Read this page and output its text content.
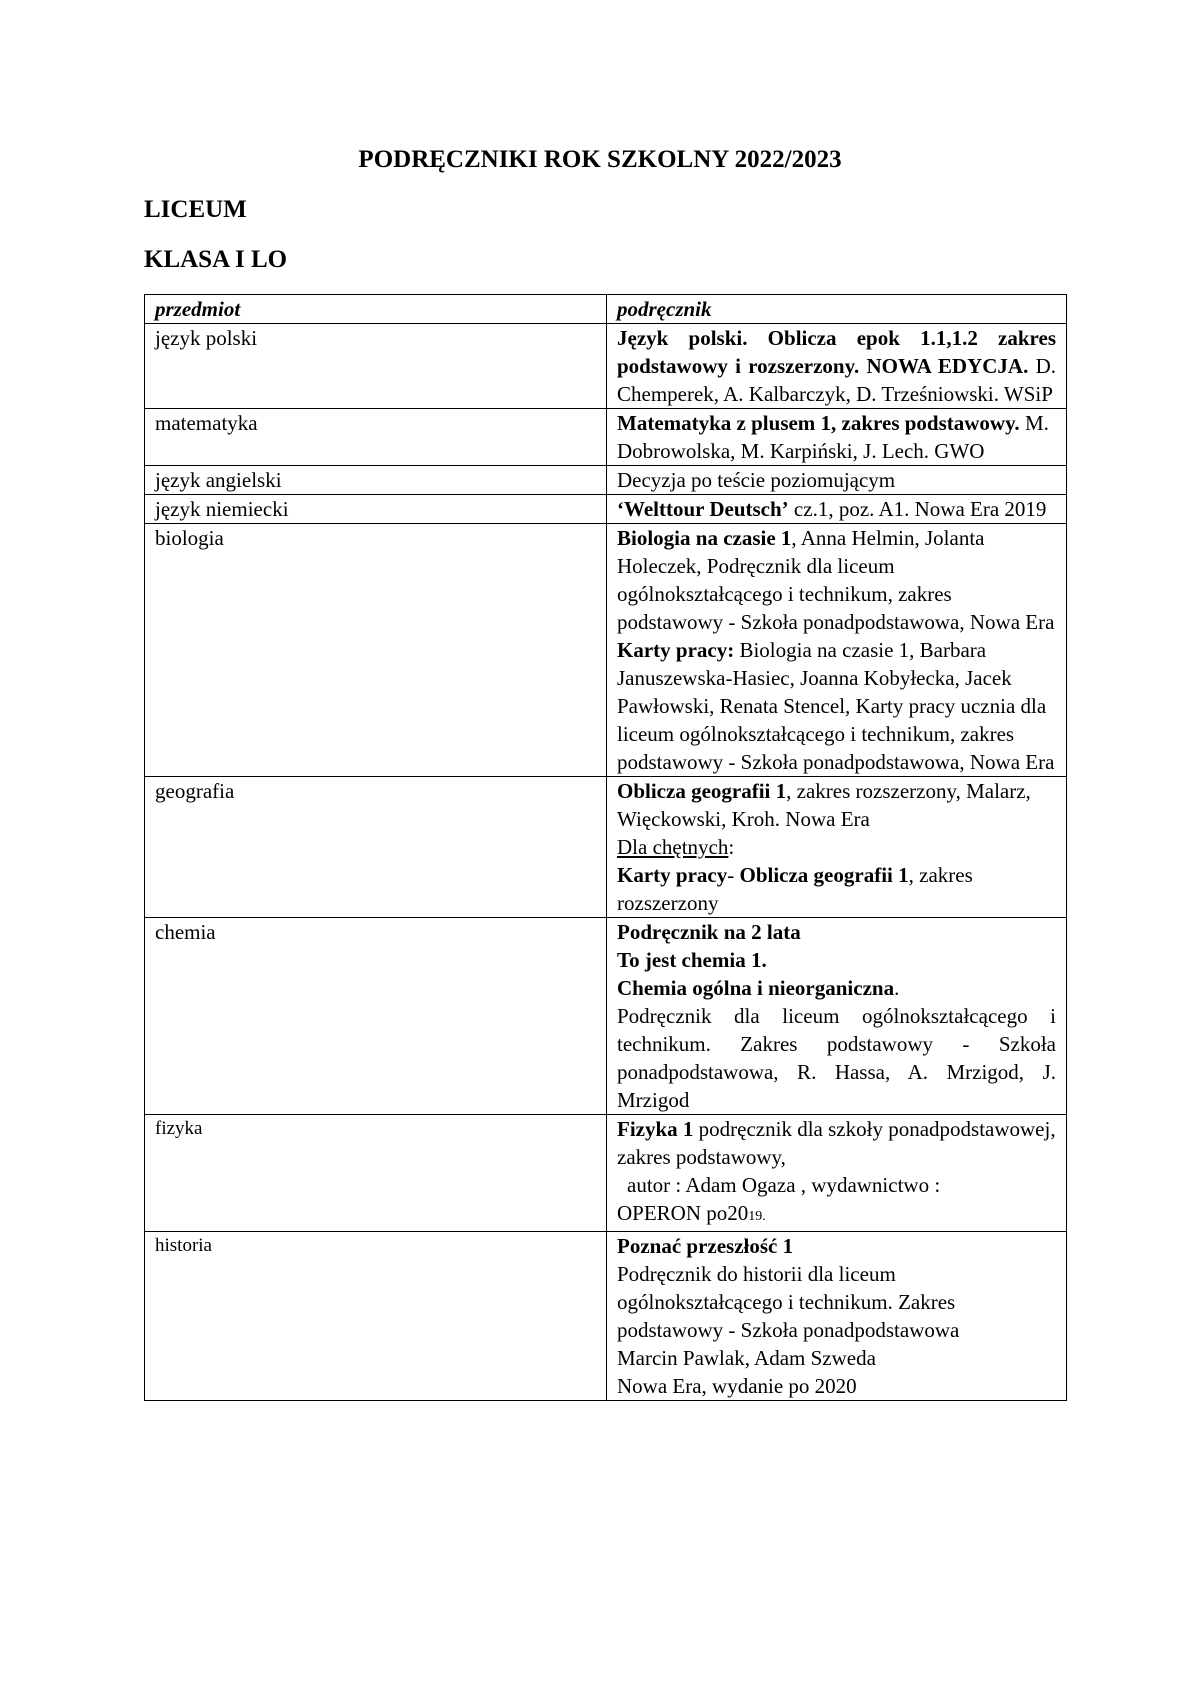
PODRĘCZNIKI ROK SZKOLNY 2022/2023
LICEUM
KLASA I LO
przedmiot	podręcznik
język polski	Język polski. Oblicza epok 1.1,1.2 zakres podstawowy i rozszerzony. NOWA EDYCJA. D. Chemperek, A. Kalbarczyk, D. Trześniowski. WSiP
matematyka	Matematyka z plusem 1, zakres podstawowy. M. Dobrowolska, M. Karpiński, J. Lech. GWO
język angielski	Decyzja po teście poziomującym
język niemiecki	‘Welttour Deutsch’ cz.1, poz. A1. Nowa Era 2019
biologia	Biologia na czasie 1, Anna Helmin, Jolanta Holeczek, Podręcznik dla liceum ogólnokształcącego i technikum, zakres podstawowy - Szkoła ponadpodstawowa, Nowa Era
Karty pracy: Biologia na czasie 1, Barbara Januszewska-Hasiec, Joanna Kobyłecka, Jacek Pawłowski, Renata Stencel, Karty pracy ucznia dla liceum ogólnokształcącego i technikum, zakres podstawowy - Szkoła ponadpodstawowa, Nowa Era
geografia	Oblicza geografii 1, zakres rozszerzony, Malarz, Więckowski, Kroh. Nowa Era
Dla chętnych:
Karty pracy- Oblicza geografii 1, zakres rozszerzony
chemia	Podręcznik na 2 lata
To jest chemia 1.
Chemia ogólna i nieorganiczna.
Podręcznik dla liceum ogólnokształcącego i technikum. Zakres podstawowy - Szkoła ponadpodstawowa, R. Hassa, A. Mrzigod, J. Mrzigod
fizyka	Fizyka 1 podręcznik dla szkoły ponadpodstawowej, zakres podstawowy,
autor : Adam Ogaza , wydawnictwo :
OPERON po2019.
historia	Poznać przeszłość 1
Podręcznik do historii dla liceum ogólnokształcącego i technikum. Zakres podstawowy - Szkoła ponadpodstawowa
Marcin Pawlak, Adam Szweda
Nowa Era, wydanie po 2020
